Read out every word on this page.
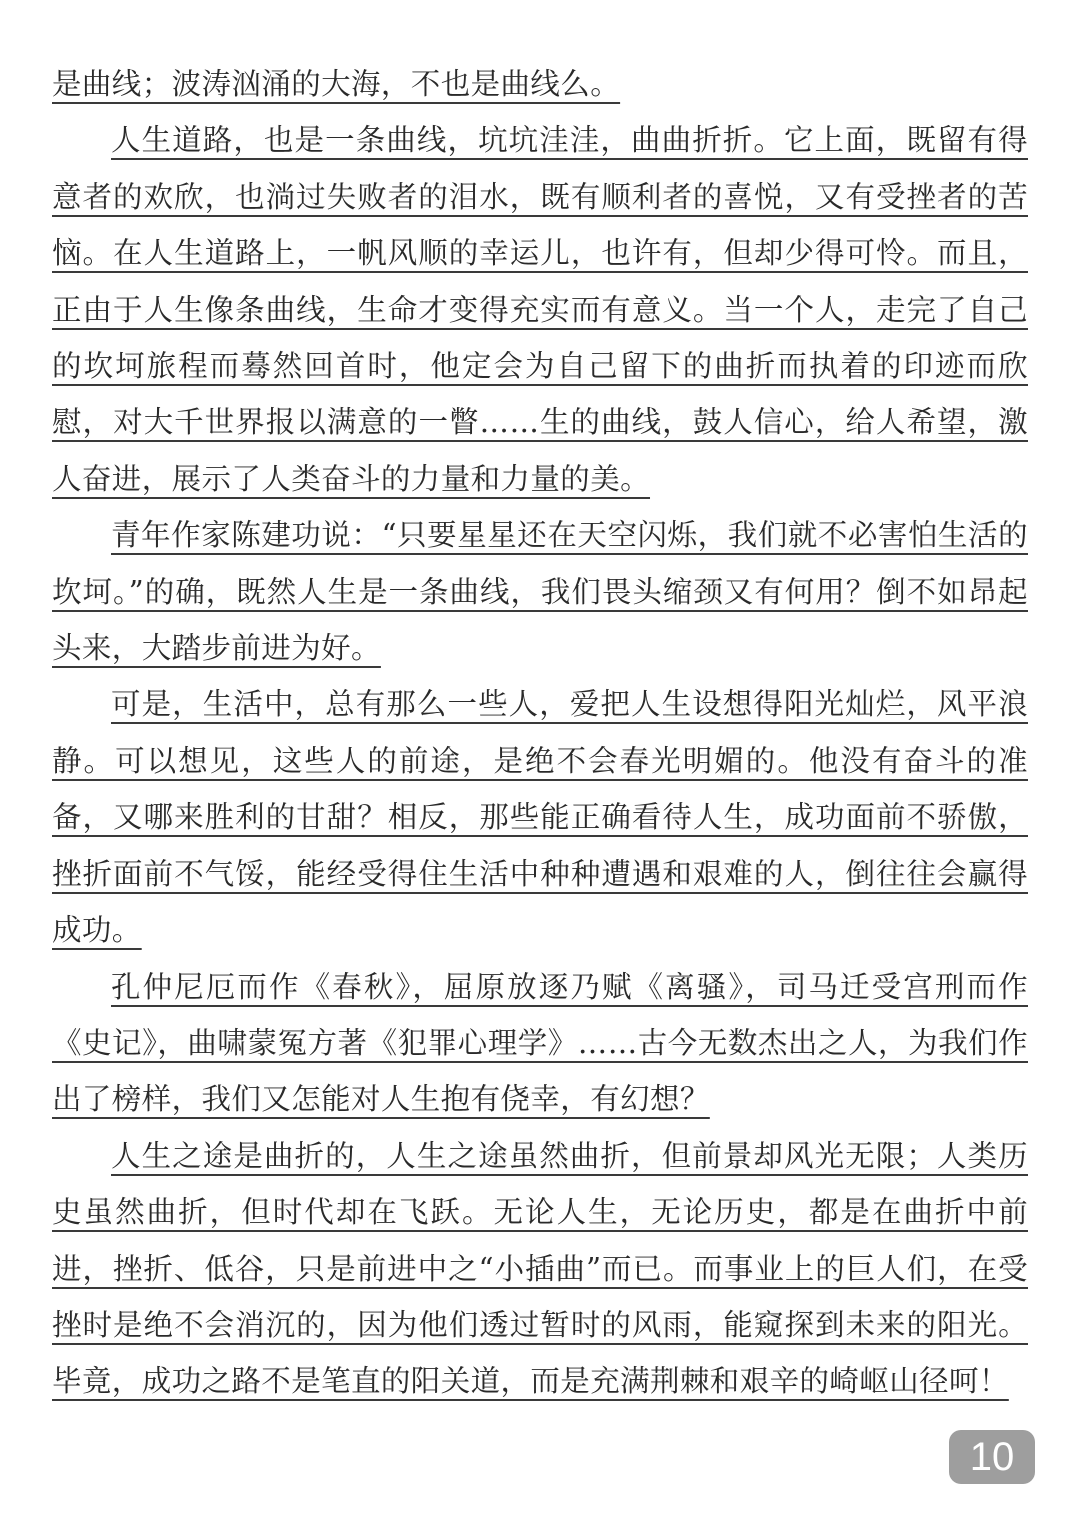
是曲线；波涛汹涌的大海，不也是曲线么。

人生道路，也是一条曲线，坑坑洼洼，曲曲折折。它上面，既留有得意者的欢欣，也淌过失败者的泪水，既有顺利者的喜悦，又有受挫者的苦恼。在人生道路上，一帆风顺的幸运儿，也许有，但却少得可怜。而且，正由于人生像条曲线，生命才变得充实而有意义。当一个人，走完了自己的坎坷旅程而蓦然回首时，他定会为自己留下的曲折而执着的印迹而欣慰，对大千世界报以满意的一瞥……生的曲线，鼓人信心，给人希望，激人奋进，展示了人类奋斗的力量和力量的美。

青年作家陈建功说：“只要星星还在天空闪烁，我们就不必害怕生活的坎坷。”的确，既然人生是一条曲线，我们畏头缩颈又有何用？倒不如昂起头来，大踏步前进为好。

可是，生活中，总有那么一些人，爱把人生设想得阳光灿烂，风平浪静。可以想见，这些人的前途，是绝不会春光明媚的。他没有奋斗的准备，又哪来胜利的甘甜？相反，那些能正确看待人生，成功面前不骄傲，挫折面前不气馁，能经受得住生活中种种遭遇和艰难的人，倒往往会赢得成功。

孔仲尼厄而作《春秋》，屈原放逐乃赋《离骚》，司马迁受宫刑而作《史记》，曲啸蒙冤方著《犯罪心理学》……古今无数杰出之人，为我们作出了榜样，我们又怎能对人生抱有侥幸，有幻想？

人生之途是曲折的，人生之途虽然曲折，但前景却风光无限；人类历史虽然曲折，但时代却在飞跃。无论人生，无论历史，都是在曲折中前进，挫折、低谷，只是前进中之“小插曲”而已。而事业上的巨人们，在受挫时是绝不会消沉的，因为他们透过暂时的风雨，能窥探到未来的阳光。毕竟，成功之路不是笔直的阳关道，而是充满荆棘和艰辛的崎岖山径呵！

10
